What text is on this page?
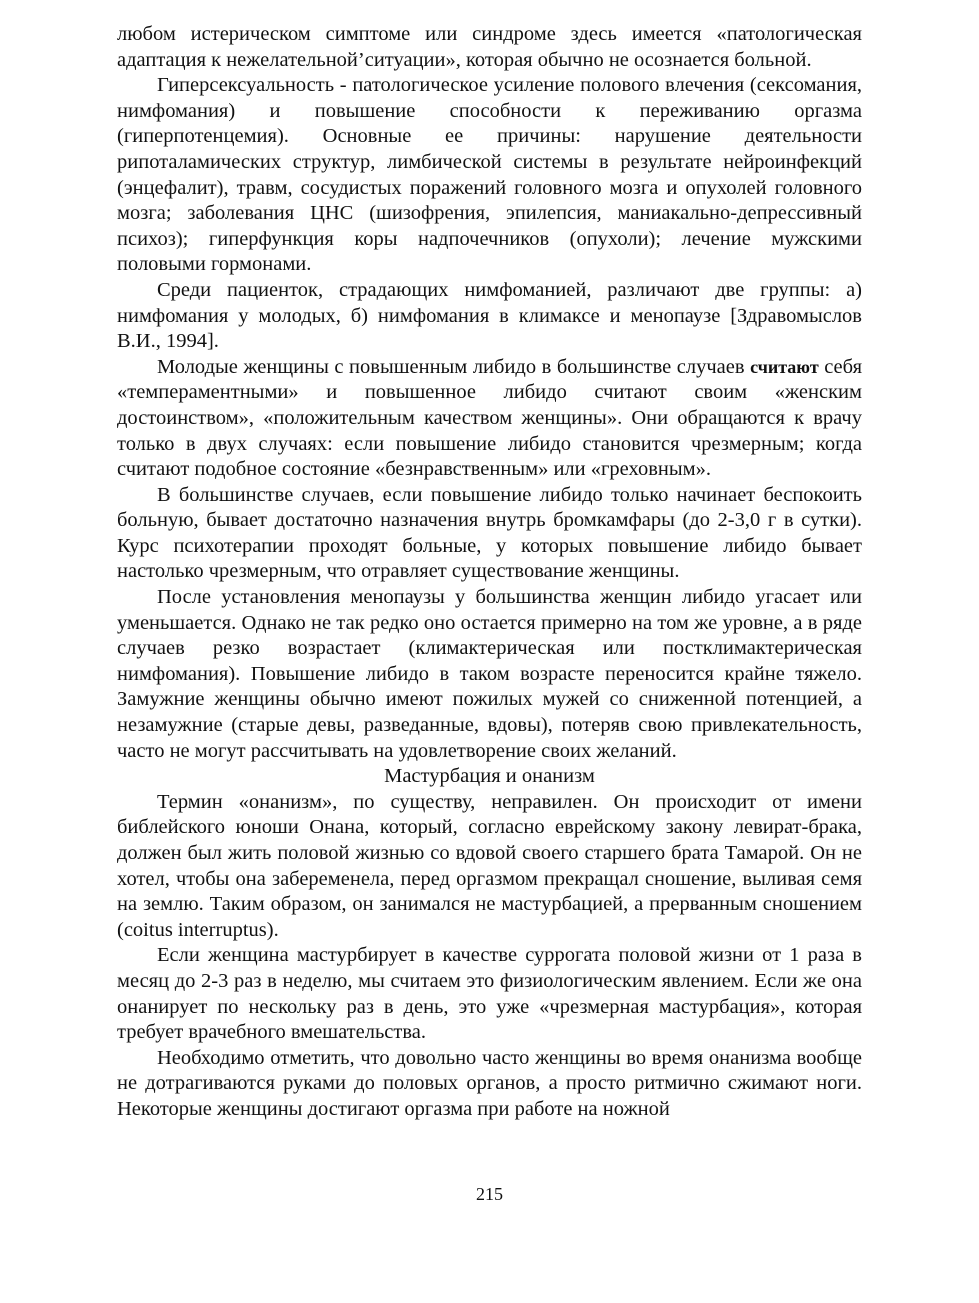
любом истерическом симптоме или синдроме здесь имеется «патологическая адаптация к нежелательной’ситуации», которая обычно не осознается больной.

Гиперсексуальность - патологическое усиление полового влечения (сексомания, нимфомания) и повышение способности к переживанию оргазма (гиперпотенцемия). Основные ее причины: нарушение деятельности рипоталамических структур, лимбической системы в результате нейроинфекций (энцефалит), травм, сосудистых поражений головного мозга и опухолей головного мозга; заболевания ЦНС (шизофрения, эпилепсия, маниакально-депрессивный психоз); гиперфункция коры надпочечников (опухоли); лечение мужскими половыми гормонами.

Среди пациенток, страдающих нимфоманией, различают две группы: а) нимфомания у молодых, б) нимфомания в климаксе и менопаузе [Здравомыслов В.И., 1994].

Молодые женщины с повышенным либидо в большинстве случаев считают себя «темпераментными» и повышенное либидо считают своим «женским достоинством», «положительным качеством женщины». Они обращаются к врачу только в двух случаях: если повышение либидо становится чрезмерным; когда считают подобное состояние «безнравственным» или «греховным».

В большинстве случаев, если повышение либидо только начинает беспокоить больную, бывает достаточно назначения внутрь бромкамфары (до 2-3,0 г в сутки). Курс психотерапии проходят больные, у которых повышение либидо бывает настолько чрезмерным, что отравляет существование женщины.

После установления менопаузы у большинства женщин либидо угасает или уменьшается. Однако не так редко оно остается примерно на том же уровне, а в ряде случаев резко возрастает (климактерическая или постклимактерическая нимфомания). Повышение либидо в таком возрасте переносится крайне тяжело. Замужние женщины обычно имеют пожилых мужей со сниженной потенцией, а незамужние (старые девы, разведанные, вдовы), потеряв свою привлекательность, часто не могут рассчитывать на удовлетворение своих желаний.

Мастурбация и онанизм

Термин «онанизм», по существу, неправилен. Он происходит от имени библейского юноши Онана, который, согласно еврейскому закону левират-брака, должен был жить половой жизнью со вдовой своего старшего брата Тамарой. Он не хотел, чтобы она забеременела, перед оргазмом прекращал сношение, выливая семя на землю. Таким образом, он занимался не мастурбацией, а прерванным сношением (coitus interruptus).

Если женщина мастурбирует в качестве суррогата половой жизни от 1 раза в месяц до 2-3 раз в неделю, мы считаем это физиологическим явлением. Если же она онанирует по нескольку раз в день, это уже «чрезмерная мастурбация», которая требует врачебного вмешательства.

Необходимо отметить, что довольно часто женщины во время онанизма вообще не дотрагиваются руками до половых органов, а просто ритмично сжимают ноги. Некоторые женщины достигают оргазма при работе на ножной

215
